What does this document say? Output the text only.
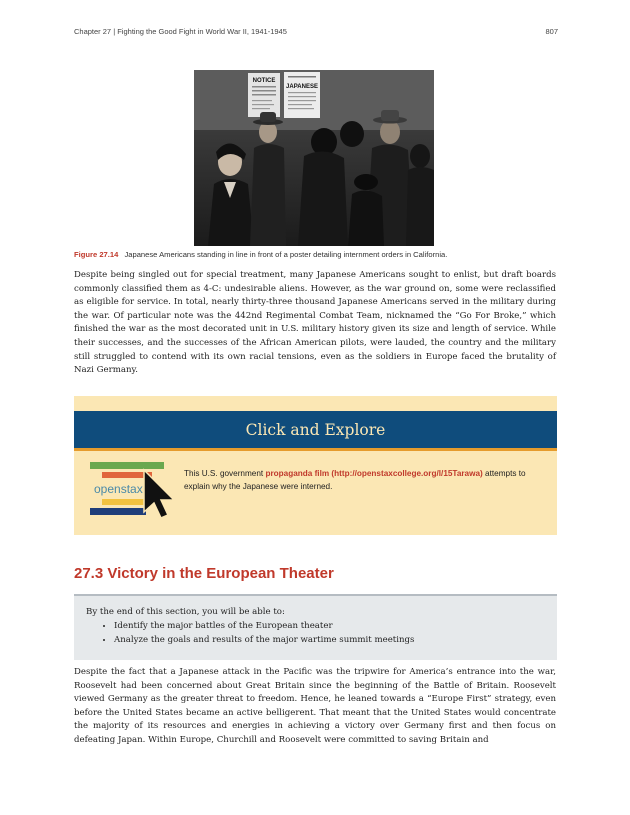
Chapter 27 | Fighting the Good Fight in World War II, 1941-1945	807
NOTICE
JAPANESE
Figure 27.14 Japanese Americans standing in line in front of a poster detailing internment orders in California.

Despite being singled out for special treatment, many Japanese Americans sought to enlist, but draft boards commonly classified them as 4-C: undesirable aliens. However, as the war ground on, some were reclassified as eligible for service. In total, nearly thirty-three thousand Japanese Americans served in the military during the war. Of particular note was the 442nd Regimental Combat Team, nicknamed the “Go For Broke,” which finished the war as the most decorated unit in U.S. military history given its size and length of service. While their successes, and the successes of the African American pilots, were lauded, the country and the military still struggled to contend with its own racial tensions, even as the soldiers in Europe faced the brutality of Nazi Germany.

Click and Explore
openstax
This U.S. government propaganda film (http://openstaxcollege.org/l/15Tarawa) attempts to explain why the Japanese were interned.
27.3 Victory in the European Theater
By the end of this section, you will be able to:
• Identify the major battles of the European theater
• Analyze the goals and results of the major wartime summit meetings

Despite the fact that a Japanese attack in the Pacific was the tripwire for America’s entrance into the war, Roosevelt had been concerned about Great Britain since the beginning of the Battle of Britain. Roosevelt viewed Germany as the greater threat to freedom. Hence, he leaned towards a “Europe First” strategy, even before the United States became an active belligerent. That meant that the United States would concentrate the majority of its resources and energies in achieving a victory over Germany first and then focus on defeating Japan. Within Europe, Churchill and Roosevelt were committed to saving Britain and
